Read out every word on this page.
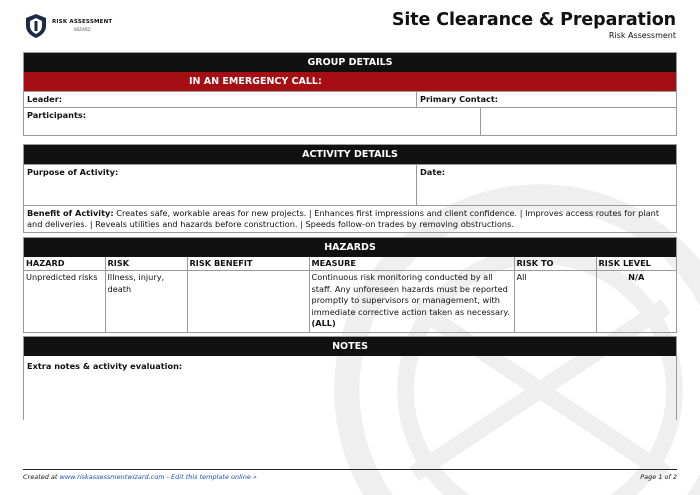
RISK ASSESSMENT
WIZARD	Site Clearance & Preparation
Risk Assessment
GROUP DETAILS
IN AN EMERGENCY CALL:
Leader:	Primary Contact:
Participants:
ACTIVITY DETAILS
Purpose of Activity:	Date:
Benefit of Activity: Creates safe, workable areas for new projects. | Enhances first impressions and client confidence. | Improves access routes for plant and deliveries. | Reveals utilities and hazards before construction. | Speeds follow-on trades by removing obstructions.
HAZARDS
HAZARD	RISK	RISK BENEFIT	MEASURE	RISK TO	RISK LEVEL
Unpredicted risks	Illness, injury, death		Continuous risk monitoring conducted by all staff. Any unforeseen hazards must be reported promptly to supervisors or management, with immediate corrective action taken as necessary. (ALL)	All	N/A
NOTES
Extra notes & activity evaluation:
Created at www.riskassessmentwizard.com - Edit this template online »	Page 1 of 2
